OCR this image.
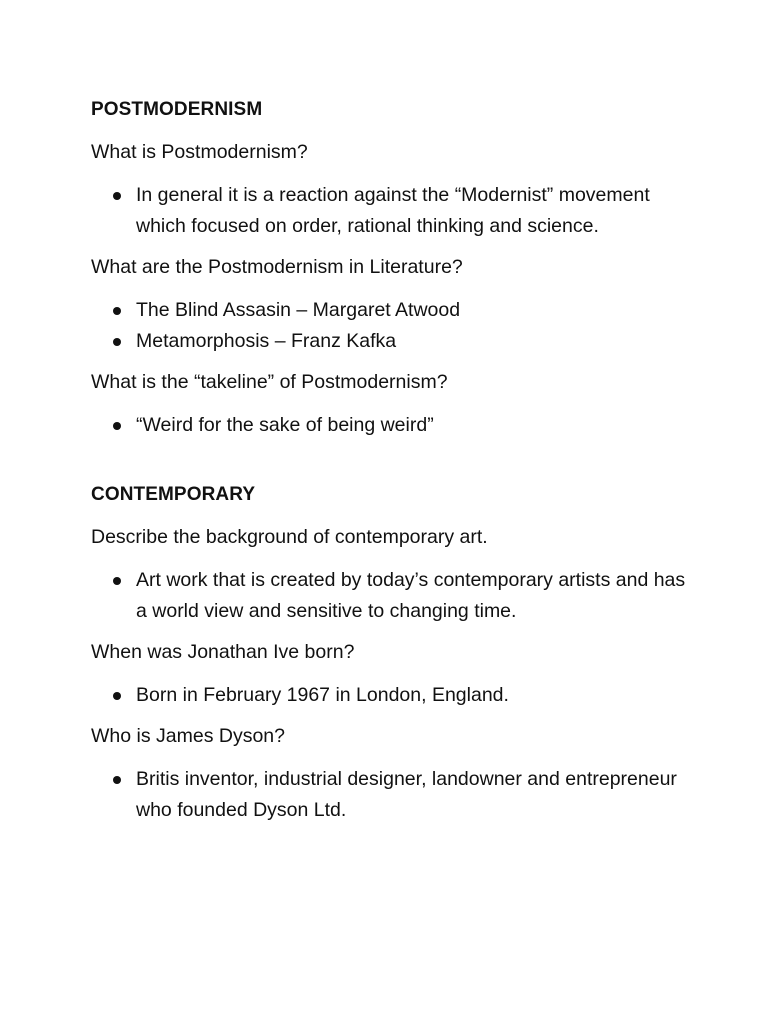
POSTMODERNISM
What is Postmodernism?
In general it is a reaction against the “Modernist” movement which focused on order, rational thinking and science.
What are the Postmodernism in Literature?
The Blind Assasin – Margaret Atwood
Metamorphosis – Franz Kafka
What is the “takeline” of Postmodernism?
“Weird for the sake of being weird”
CONTEMPORARY
Describe the background of contemporary art.
Art work that is created by today’s contemporary artists and has a world view and sensitive to changing time.
When was Jonathan Ive born?
Born in February 1967 in London, England.
Who is James Dyson?
Britis inventor, industrial designer, landowner and entrepreneur who founded Dyson Ltd.
